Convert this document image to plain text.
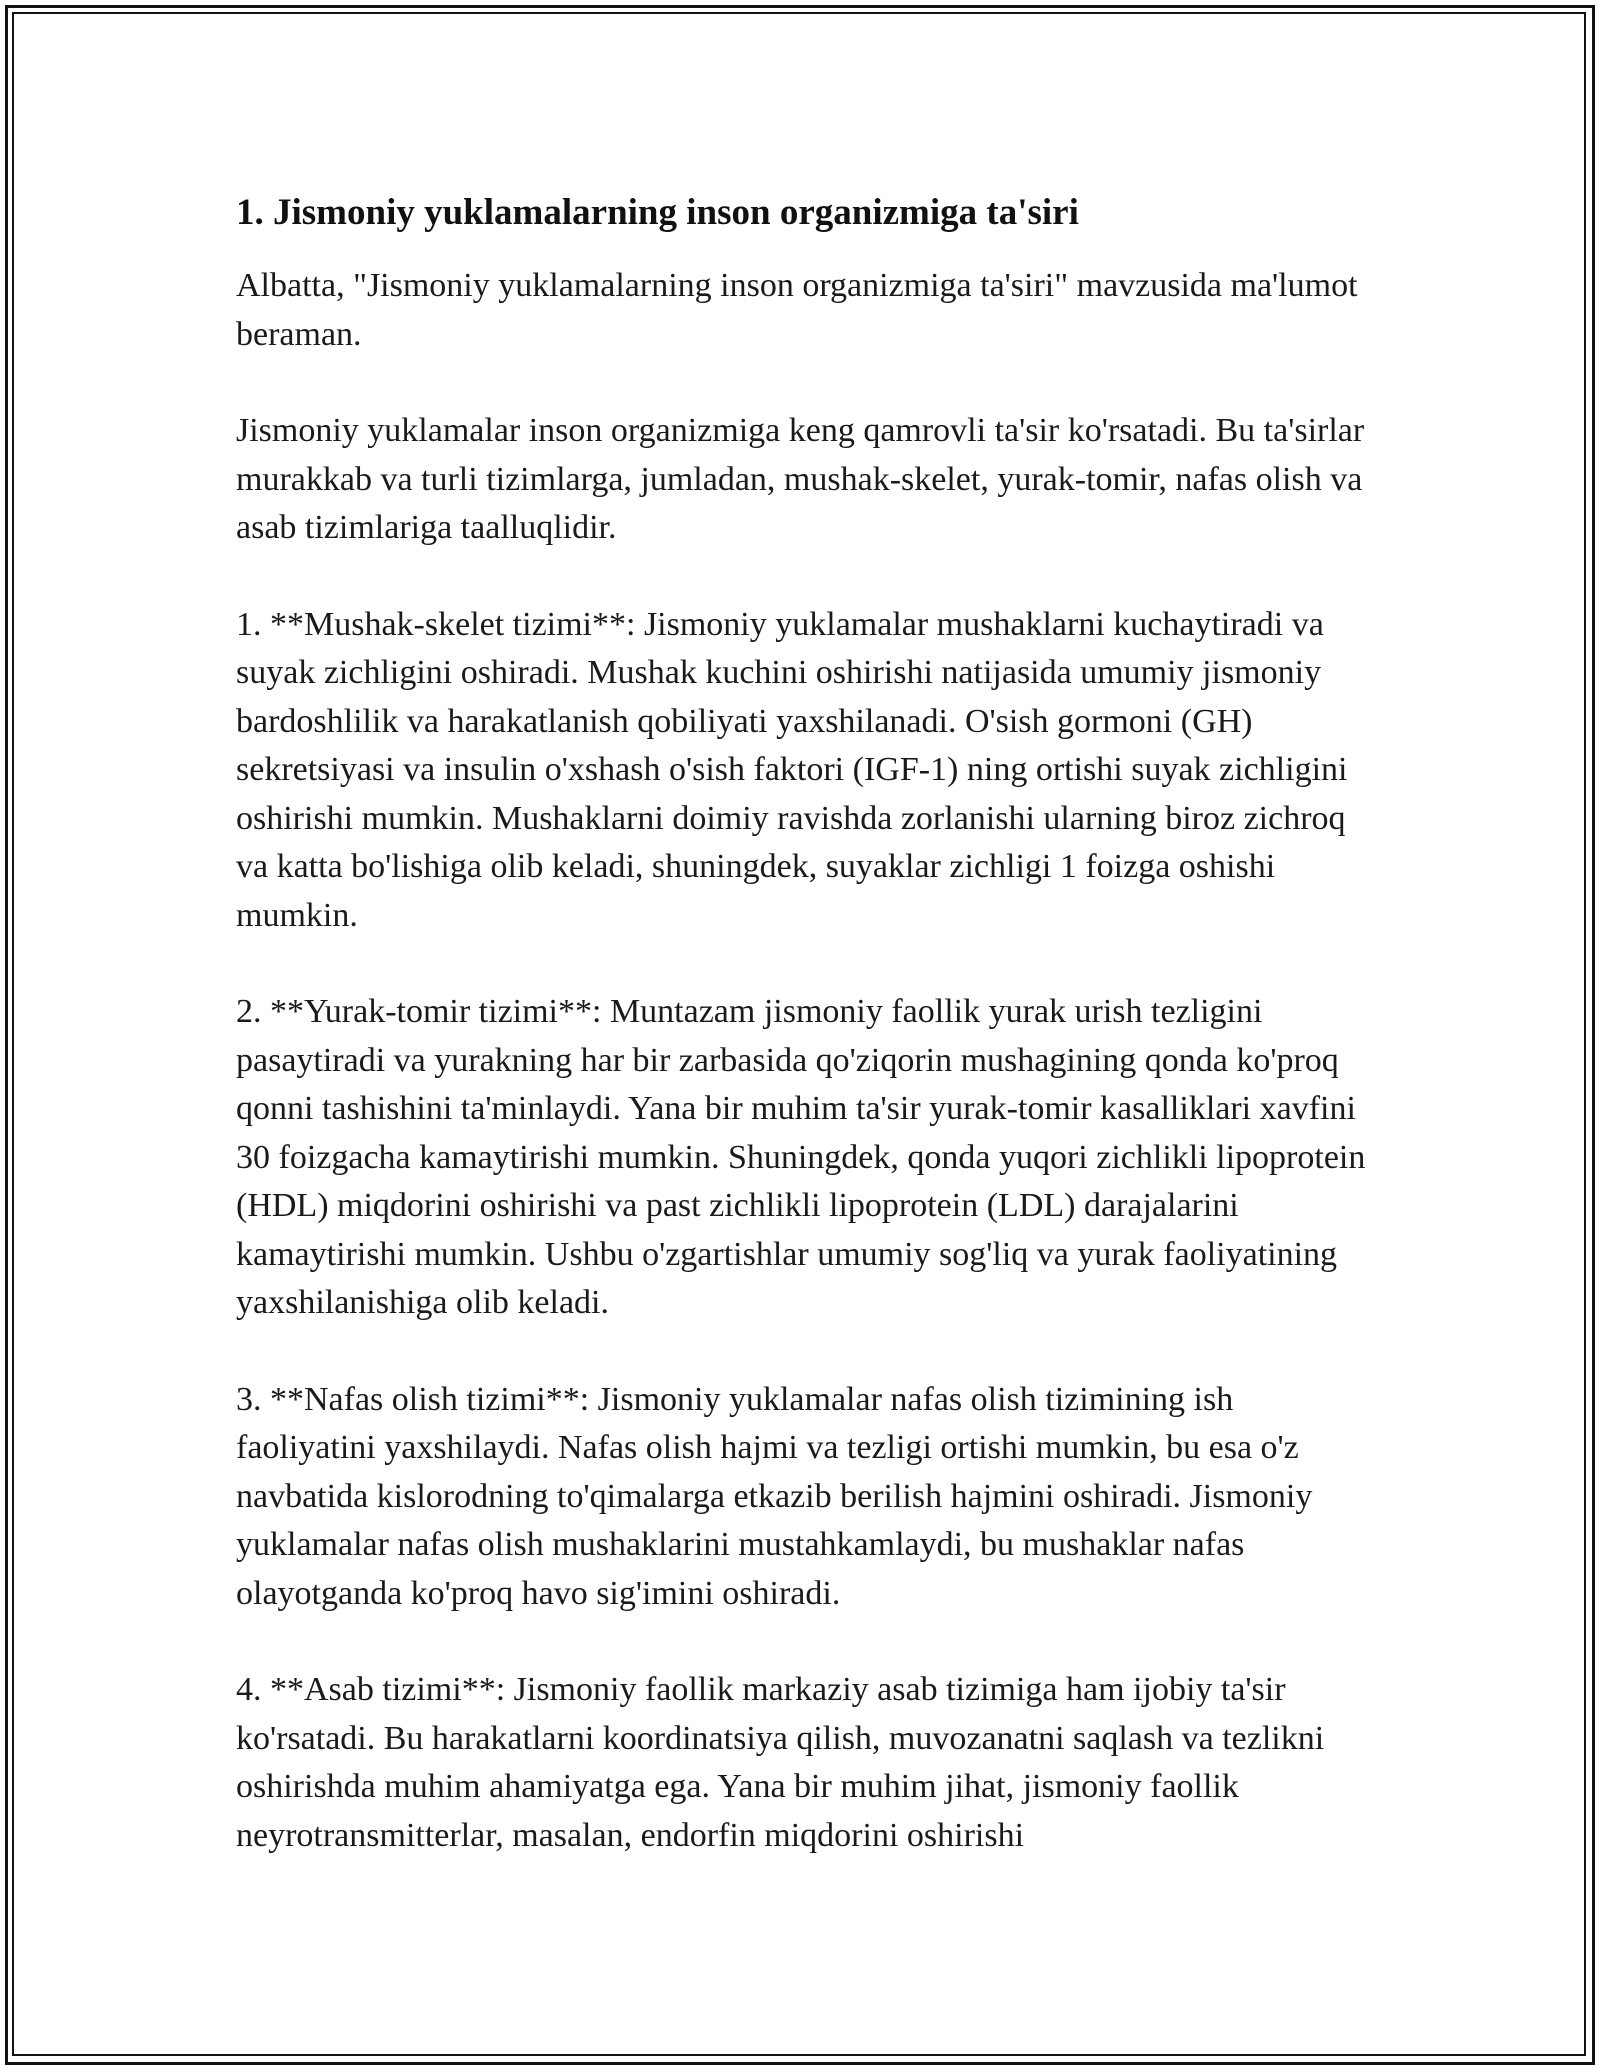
1. Jismoniy yuklamalarning inson organizmiga ta'siri

Albatta, "Jismoniy yuklamalarning inson organizmiga ta'siri" mavzusida ma'lumot beraman.

Jismoniy yuklamalar inson organizmiga keng qamrovli ta'sir ko'rsatadi. Bu ta'sirlar murakkab va turli tizimlarga, jumladan, mushak-skelet, yurak-tomir, nafas olish va asab tizimlariga taalluqlidir.

1. **Mushak-skelet tizimi**: Jismoniy yuklamalar mushaklarni kuchaytiradi va suyak zichligini oshiradi. Mushak kuchini oshirishi natijasida umumiy jismoniy bardoshlilik va harakatlanish qobiliyati yaxshilanadi. O'sish gormoni (GH) sekretsiyasi va insulin o'xshash o'sish faktori (IGF-1) ning ortishi suyak zichligini oshirishi mumkin. Mushaklarni doimiy ravishda zorlanishi ularning biroz zichroq va katta bo'lishiga olib keladi, shuningdek, suyaklar zichligi 1 foizga oshishi mumkin.

2. **Yurak-tomir tizimi**: Muntazam jismoniy faollik yurak urish tezligini pasaytiradi va yurakning har bir zarbasida qo'ziqorin mushagining qonda ko'proq qonni tashishini ta'minlaydi. Yana bir muhim ta'sir yurak-tomir kasalliklari xavfini 30 foizgacha kamaytirishi mumkin. Shuningdek, qonda yuqori zichlikli lipoprotein (HDL) miqdorini oshirishi va past zichlikli lipoprotein (LDL) darajalarini kamaytirishi mumkin. Ushbu o'zgartishlar umumiy sog'liq va yurak faoliyatining yaxshilanishiga olib keladi.

3. **Nafas olish tizimi**: Jismoniy yuklamalar nafas olish tizimining ish faoliyatini yaxshilaydi. Nafas olish hajmi va tezligi ortishi mumkin, bu esa o'z navbatida kislorodning to'qimalarga etkazib berilish hajmini oshiradi. Jismoniy yuklamalar nafas olish mushaklarini mustahkamlaydi, bu mushaklar nafas olayotganda ko'proq havo sig'imini oshiradi.

4. **Asab tizimi**: Jismoniy faollik markaziy asab tizimiga ham ijobiy ta'sir ko'rsatadi. Bu harakatlarni koordinatsiya qilish, muvozanatni saqlash va tezlikni oshirishda muhim ahamiyatga ega. Yana bir muhim jihat, jismoniy faollik neyrotransmitterlar, masalan, endorfin miqdorini oshirishi
